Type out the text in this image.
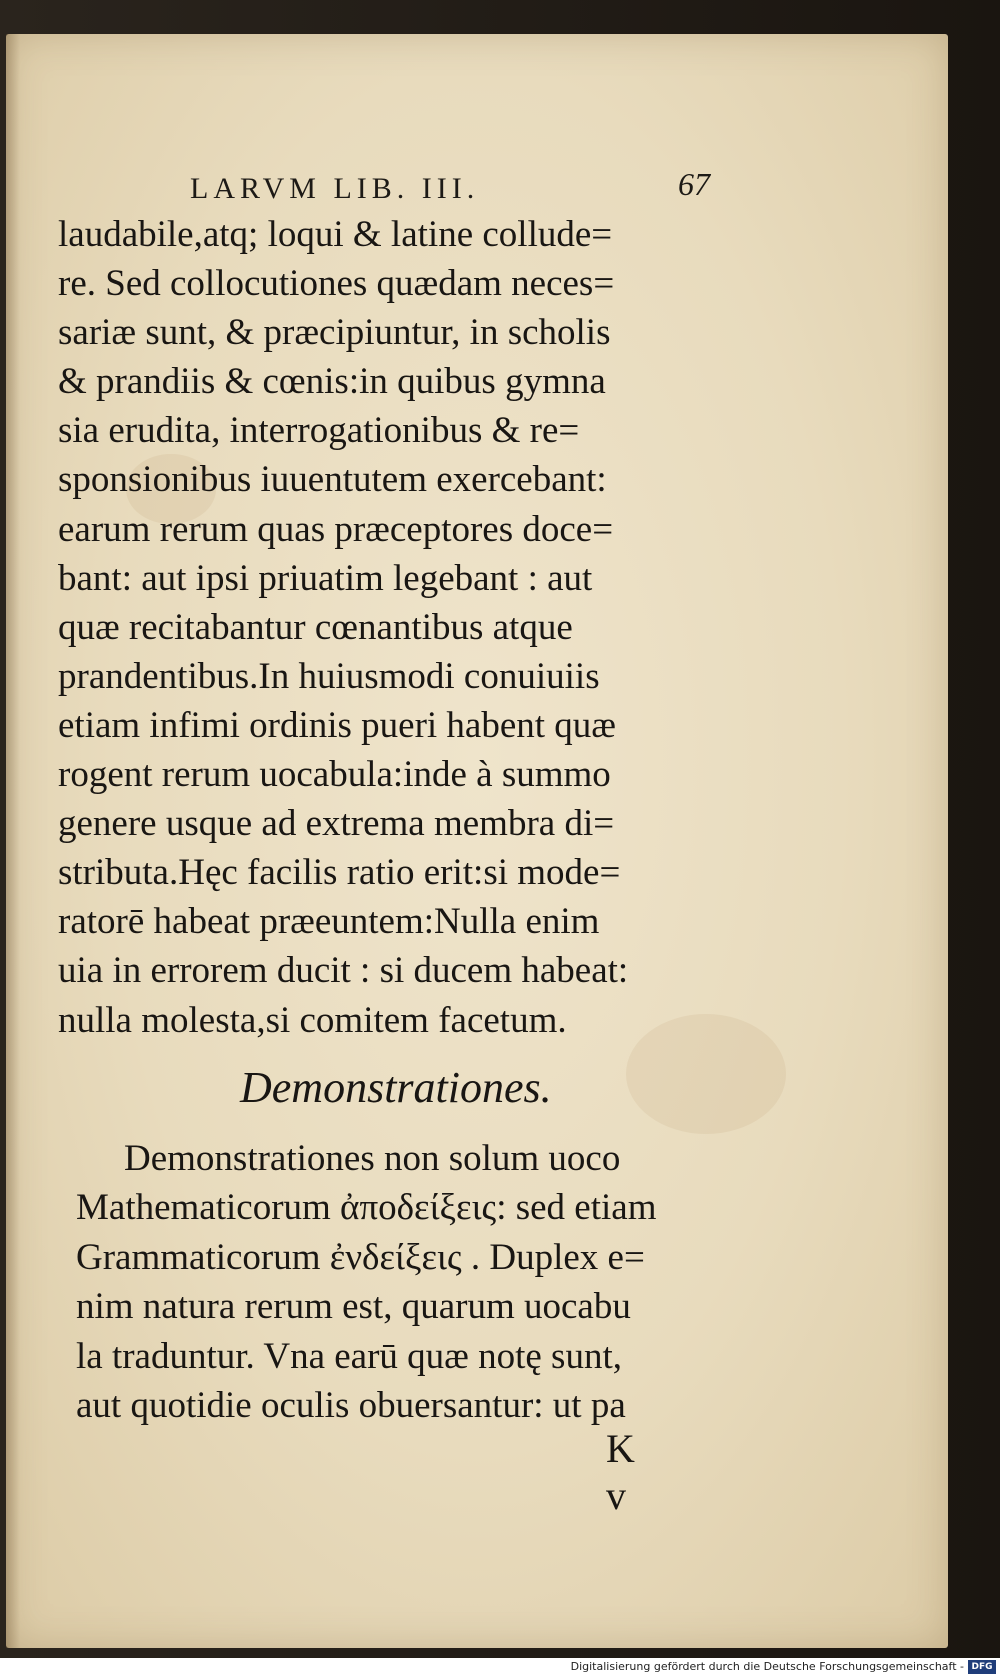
LARVM LIB. III.	67
laudabile,atq; loqui & latine collude=
re. Sed collocutiones quædam neces=
sariæ sunt, & præcipiuntur, in scholis
& prandiis & cœnis:in quibus gymna
sia erudita, interrogationibus & re=
sponsionibus iuuentutem exercebant:
earum rerum quas præceptores doce=
bant: aut ipsi priuatim legebant : aut
quæ recitabantur cœnantibus atque
prandentibus.In huiusmodi conuiuiis
etiam infimi ordinis pueri habent quæ
rogent rerum uocabula:inde à summo
genere usque ad extrema membra di=
stributa.Hęc facilis ratio erit:si mode=
ratorē habeat præeuntem:Nulla enim
uia in errorem ducit : si ducem habeat:
nulla molesta,si comitem facetum.
Demonstrationes.
Demonstrationes non solum uoco
Mathematicorum ἀποδείξεις: sed etiam
Grammaticorum ἐνδείξεις . Duplex e=
nim natura rerum est, quarum uocabu
la traduntur. Vna earū quæ notę sunt,
aut quotidie oculis obuersantur: ut pa
K v
Digitalisierung gefördert durch die Deutsche Forschungsgemeinschaft - DFG
